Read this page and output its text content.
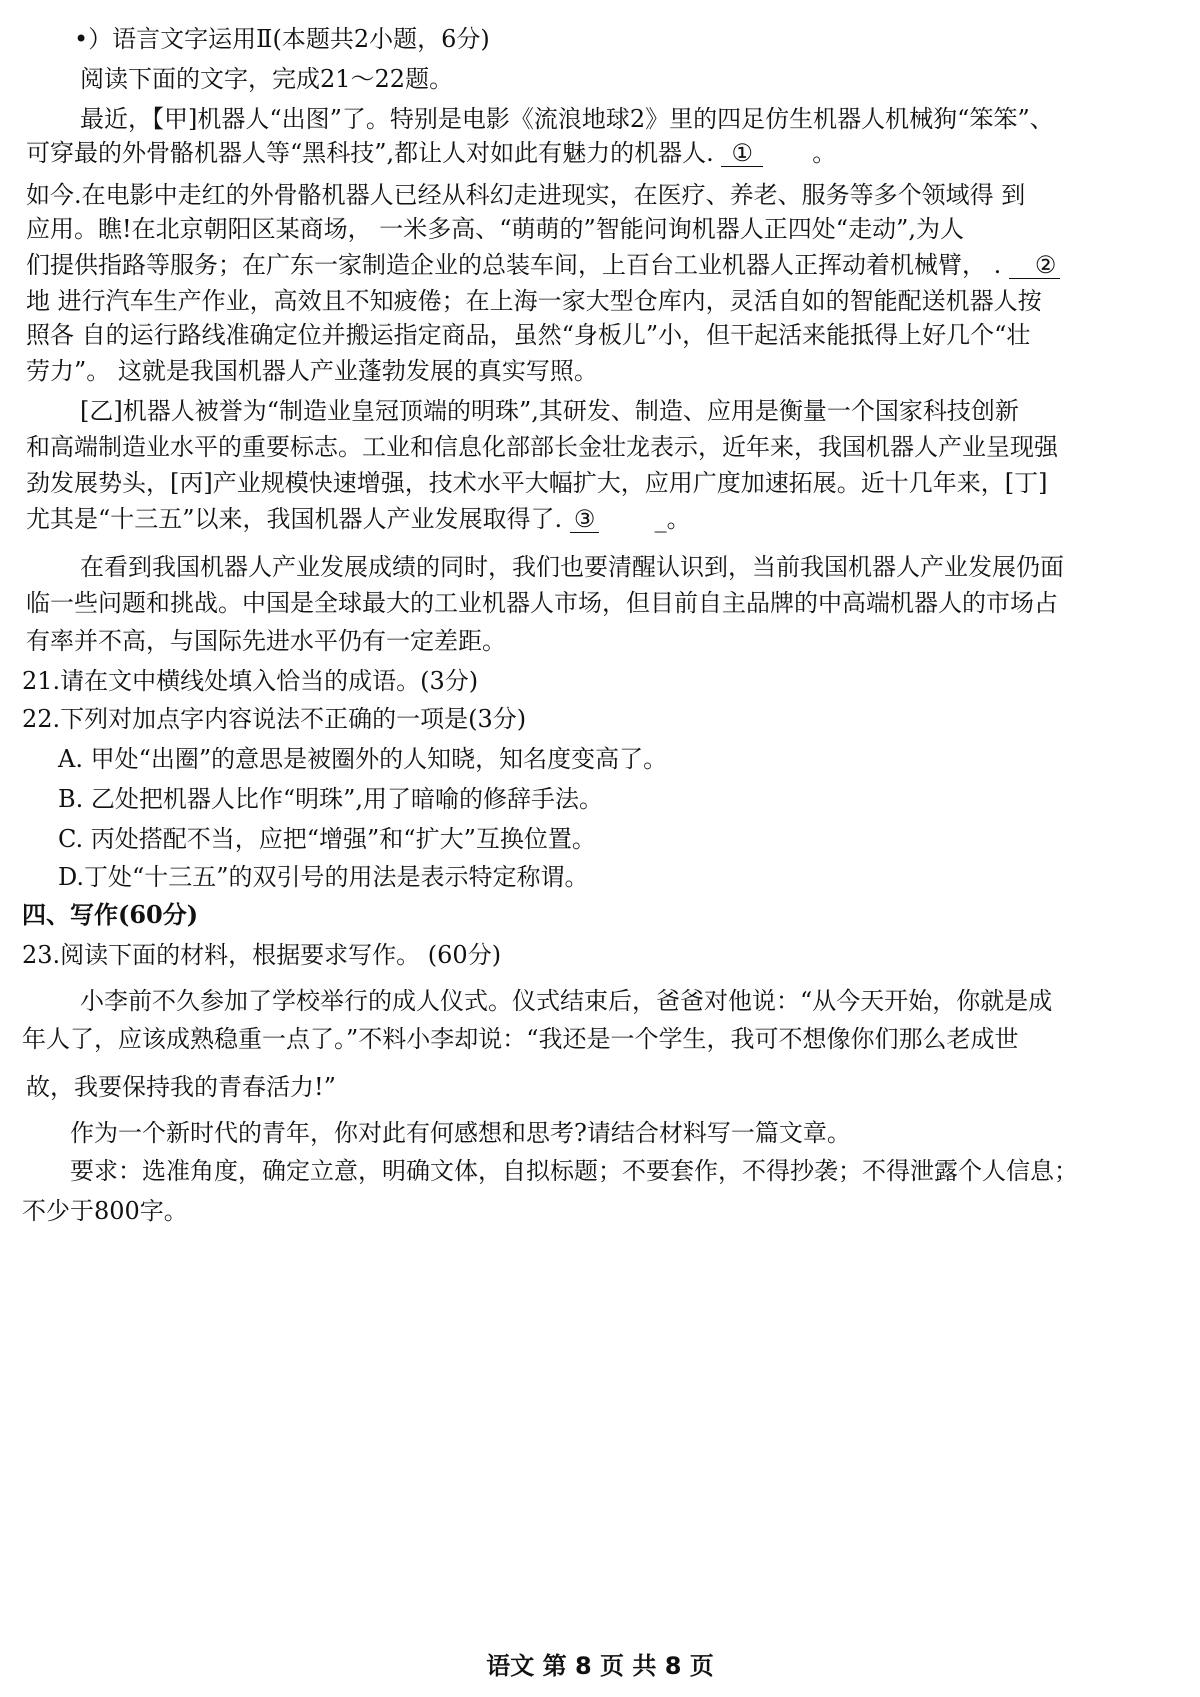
•）语言文字运用Ⅱ(本题共2小题，6分)
阅读下面的文字，完成21～22题。
最近，【甲]机器人“出图”了。特别是电影《流浪地球2》里的四足仿生机器人机械狗“笨笨”、
可穿最的外骨骼机器人等“黑科技”,都让人对如此有魅力的机器人. ① 。
如今.在电影中走红的外骨骼机器人已经从科幻走进现实，在医疗、养老、服务等多个领域得 到
应用。瞧!在北京朝阳区某商场， 一米多高、“萌萌的”智能问询机器人正四处“走动”,为人
们提供指路等服务；在广东一家制造企业的总装车间，上百台工业机器人正挥动着机械臂， . ②
地 进行汽车生产作业，高效且不知疲倦；在上海一家大型仓库内，灵活自如的智能配送机器人按
照各 自的运行路线准确定位并搬运指定商品，虽然“身板儿”小，但干起活来能抵得上好几个“壮
劳力”。 这就是我国机器人产业蓬勃发展的真实写照。
[乙]机器人被誉为“制造业皇冠顶端的明珠”,其研发、制造、应用是衡量一个国家科技创新
和高端制造业水平的重要标志。工业和信息化部部长金壮龙表示，近年来，我国机器人产业呈现强
劲发展势头，[丙]产业规模快速增强，技术水平大幅扩大，应用广度加速拓展。近十几年来，[丁]
尤其是“十三五”以来，我国机器人产业发展取得了. ③ _。
在看到我国机器人产业发展成绩的同时，我们也要清醒认识到，当前我国机器人产业发展仍面
临一些问题和挑战。中国是全球最大的工业机器人市场，但目前自主品牌的中高端机器人的市场占
有率并不高，与国际先进水平仍有一定差距。
21.请在文中横线处填入恰当的成语。(3分)
22.下列对加点字内容说法不正确的一项是(3分)
A. 甲处“出圈”的意思是被圈外的人知晓，知名度变高了。
B. 乙处把机器人比作“明珠”,用了暗喻的修辞手法。
C. 丙处搭配不当，应把“增强”和“扩大”互换位置。
D.丁处“十三五”的双引号的用法是表示特定称谓。
四、写作(60分)
23.阅读下面的材料，根据要求写作。 (60分)
小李前不久参加了学校举行的成人仪式。仪式结束后，爸爸对他说：“从今天开始，你就是成
年人了，应该成熟稳重一点了。”不料小李却说：“我还是一个学生，我可不想像你们那么老成世
故，我要保持我的青春活力!”
作为一个新时代的青年，你对此有何感想和思考?请结合材料写一篇文章。
要求：选准角度，确定立意，明确文体，自拟标题；不要套作，不得抄袭；不得泄露个人信息；
不少于800字。
语文 第 8 页 共 8 页
